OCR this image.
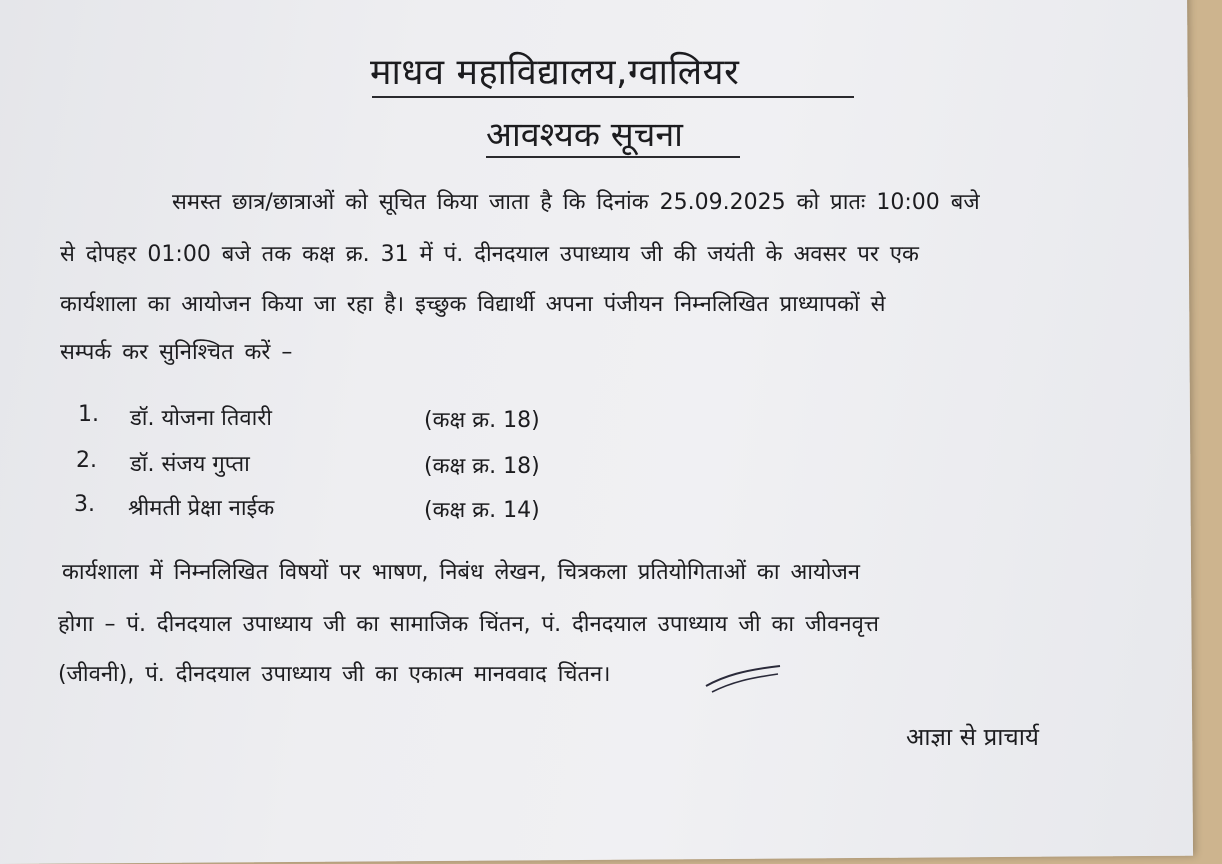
माधव महाविद्यालय,ग्वालियर
आवश्यक सूचना
समस्त छात्र/छात्राओं को सूचित किया जाता है कि दिनांक 25.09.2025 को प्रातः 10:00 बजे
से दोपहर 01:00 बजे तक कक्ष क्र. 31 में पं. दीनदयाल उपाध्याय जी की जयंती के अवसर पर एक
कार्यशाला का आयोजन किया जा रहा है। इच्छुक विद्यार्थी अपना पंजीयन निम्नलिखित प्राध्यापकों से
सम्पर्क कर सुनिश्चित करें –
1. डॉ. योजना तिवारी	(कक्ष क्र. 18)
2. डॉ. संजय गुप्ता	(कक्ष क्र. 18)
3. श्रीमती प्रेक्षा नाईक	(कक्ष क्र. 14)
कार्यशाला में निम्नलिखित विषयों पर भाषण, निबंध लेखन, चित्रकला प्रतियोगिताओं का आयोजन
होगा – पं. दीनदयाल उपाध्याय जी का सामाजिक चिंतन, पं. दीनदयाल उपाध्याय जी का जीवनवृत्त
(जीवनी), पं. दीनदयाल उपाध्याय जी का एकात्म मानववाद चिंतन।
आज्ञा से प्राचार्य
